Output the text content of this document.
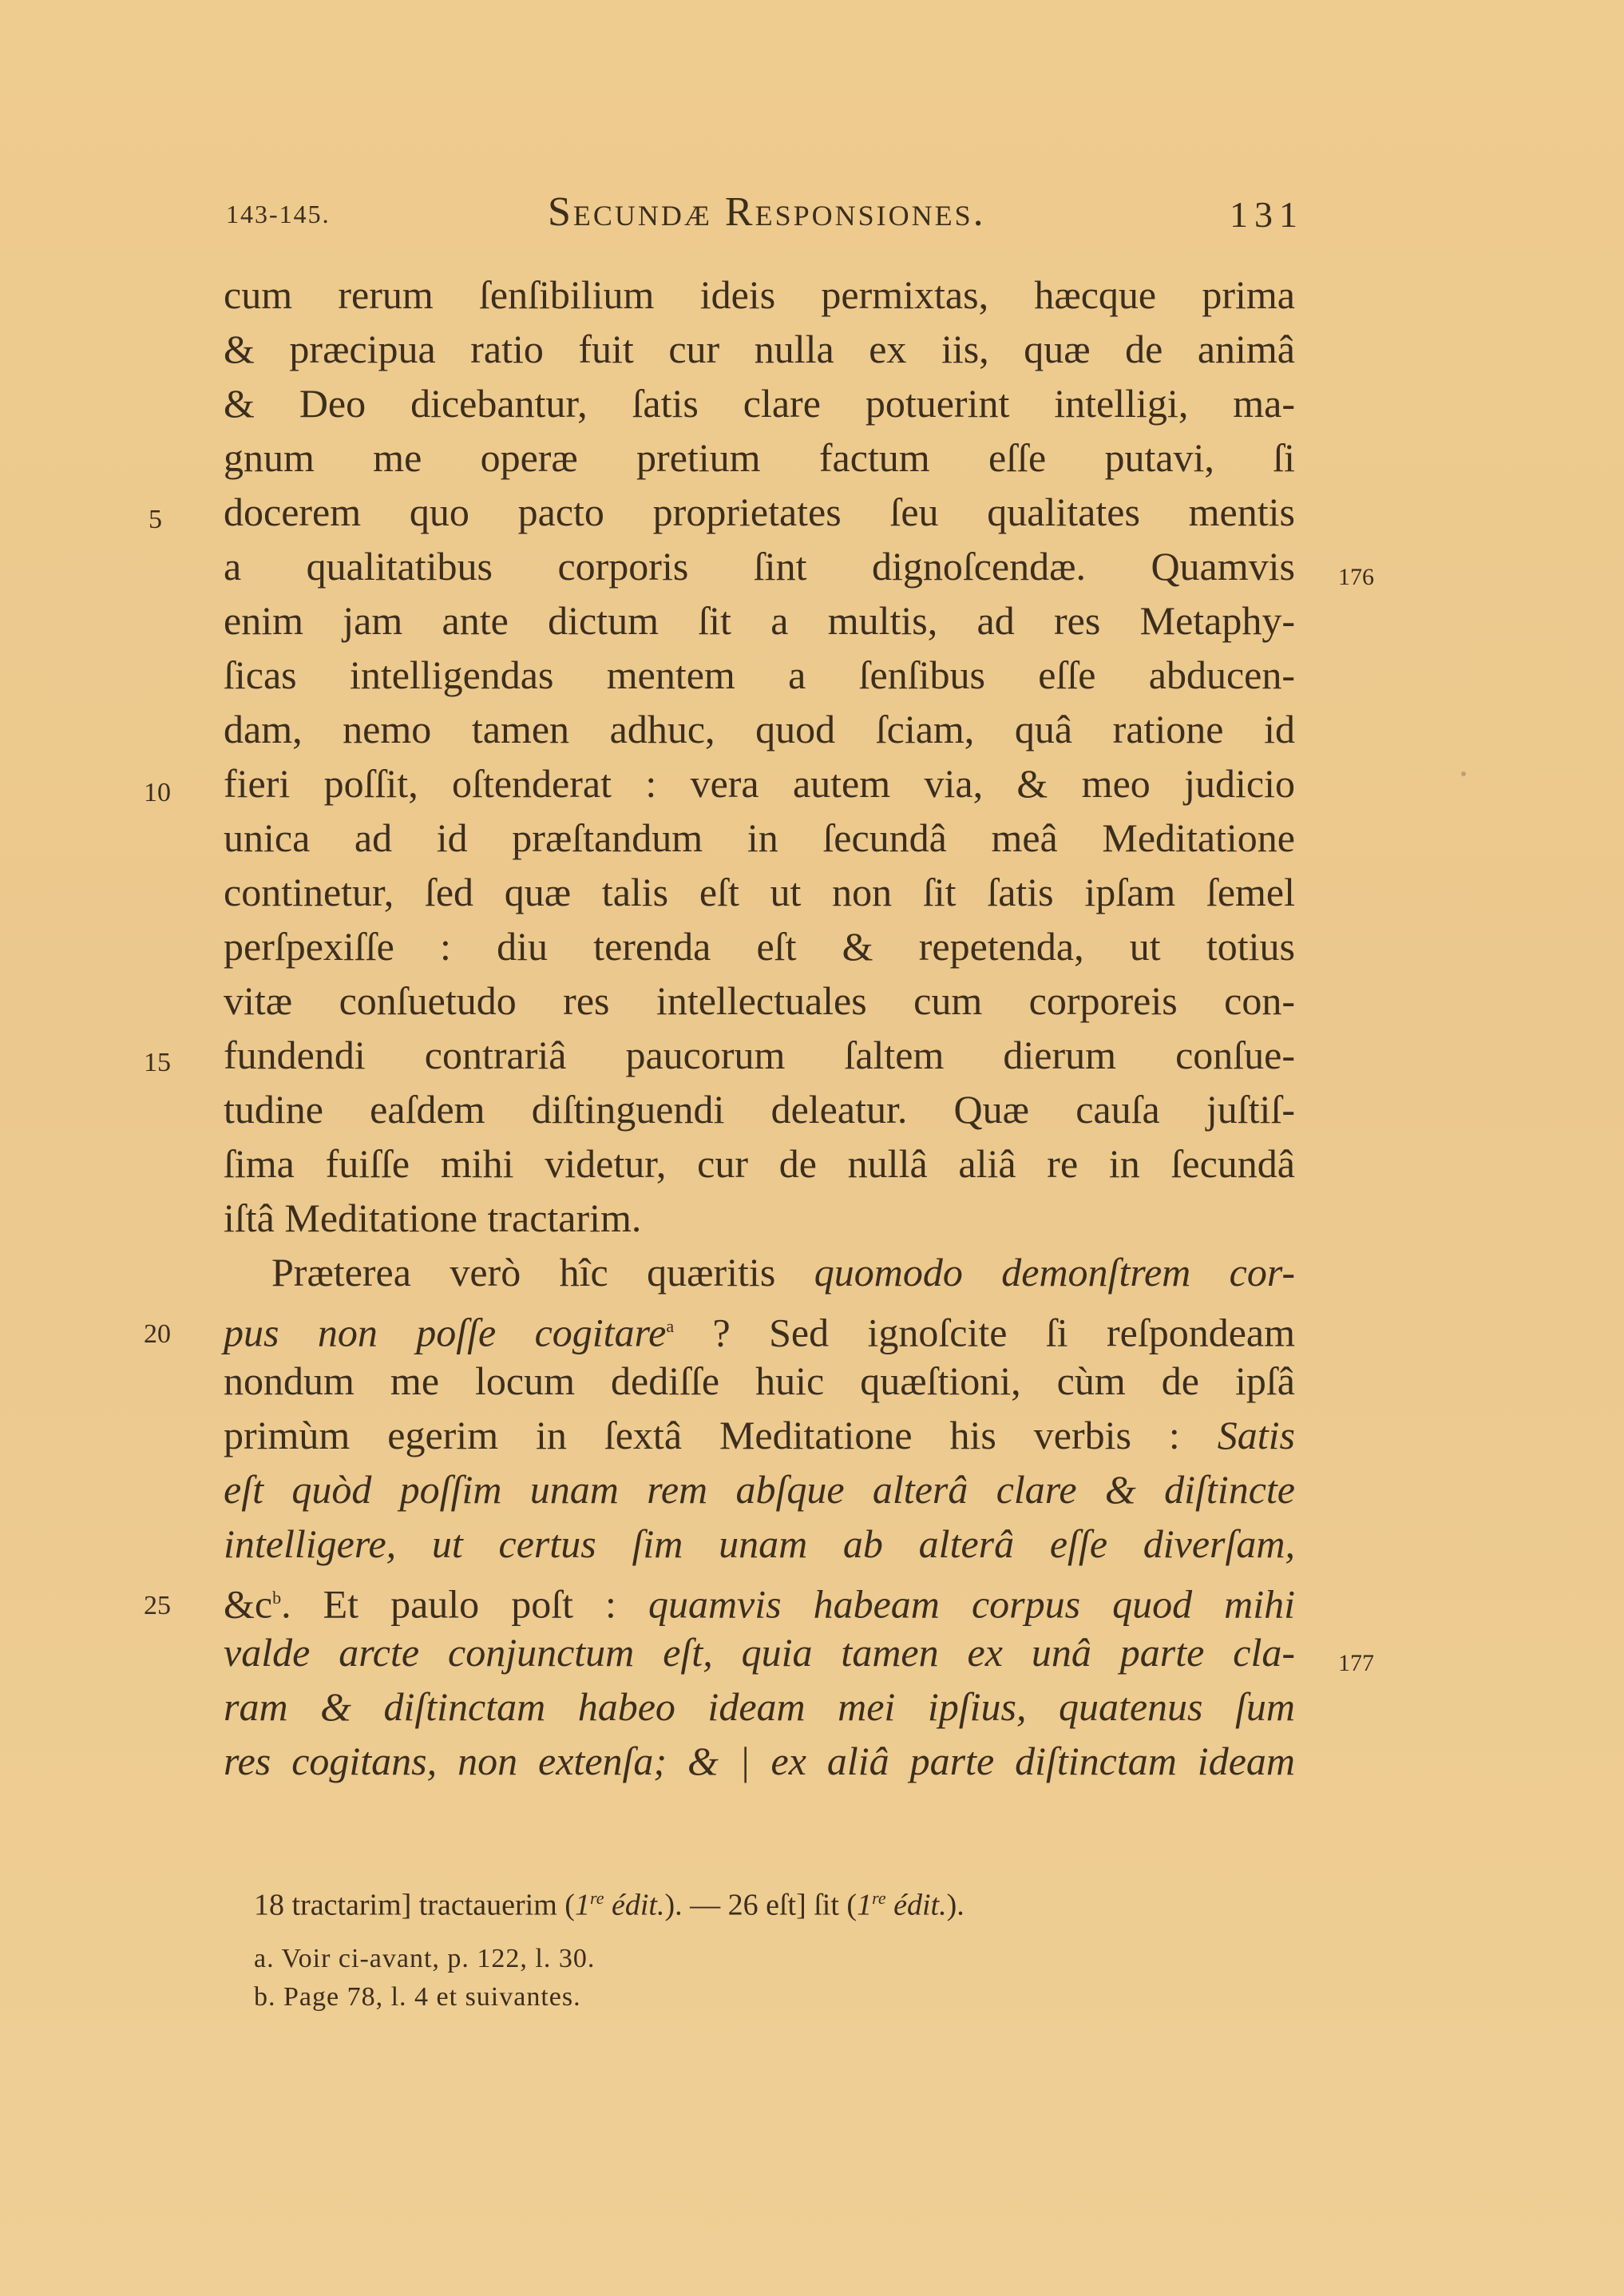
143-145.	Secundæ Responsiones.	131
cum rerum ſenſibilium ideis permixtas, hæcque prima
& præcipua ratio fuit cur nulla ex iis, quæ de animâ
& Deo dicebantur, ſatis clare potuerint intelligi, ma-
gnum me operæ pretium factum eſſe putavi, ſi
docerem quo pacto proprietates ſeu qualitates mentis
a qualitatibus corporis ſint dignoſcendæ. Quamvis
enim jam ante dictum ſit a multis, ad res Metaphy-
ſicas intelligendas mentem a ſenſibus eſſe abducen-
dam, nemo tamen adhuc, quod ſciam, quâ ratione id
fieri poſſit, oſtenderat : vera autem via, & meo judicio
unica ad id præſtandum in ſecundâ meâ Meditatione
continetur, ſed quæ talis eſt ut non ſit ſatis ipſam ſemel
perſpexiſſe : diu terenda eſt & repetenda, ut totius
vitæ conſuetudo res intellectuales cum corporeis con-
fundendi contrariâ paucorum ſaltem dierum conſue-
tudine eaſdem diſtinguendi deleatur. Quæ cauſa juſtiſ-
ſima fuiſſe mihi videtur, cur de nullâ aliâ re in ſecundâ
iſtâ Meditatione tractarim.
Præterea verò hîc quæritis quomodo demonſtrem cor-
pus non poſſe cogitare$^a$ ? Sed ignoſcite ſi reſpondeam
nondum me locum dediſſe huic quæſtioni, cùm de ipſâ
primùm egerim in ſextâ Meditatione his verbis : Satis
eſt quòd poſſim unam rem abſque alterâ clare & diſtincte
intelligere, ut certus ſim unam ab alterâ eſſe diverſam,
$\&c^b$. Et paulo poſt : quamvis habeam corpus quod mihi
valde arcte conjunctum eſt, quia tamen ex unâ parte cla-
ram & diſtinctam habeo ideam mei ipſius, quatenus ſum
res cogitans, non extenſa; & | ex aliâ parte diſtinctam ideam
5
10
15
20
25
176
177
18 tractarim] tractauerim (1re édit.). — 26 eſt] ſit (1re édit.).
a. Voir ci-avant, p. 122, l. 30.
b. Page 78, l. 4 et suivantes.
